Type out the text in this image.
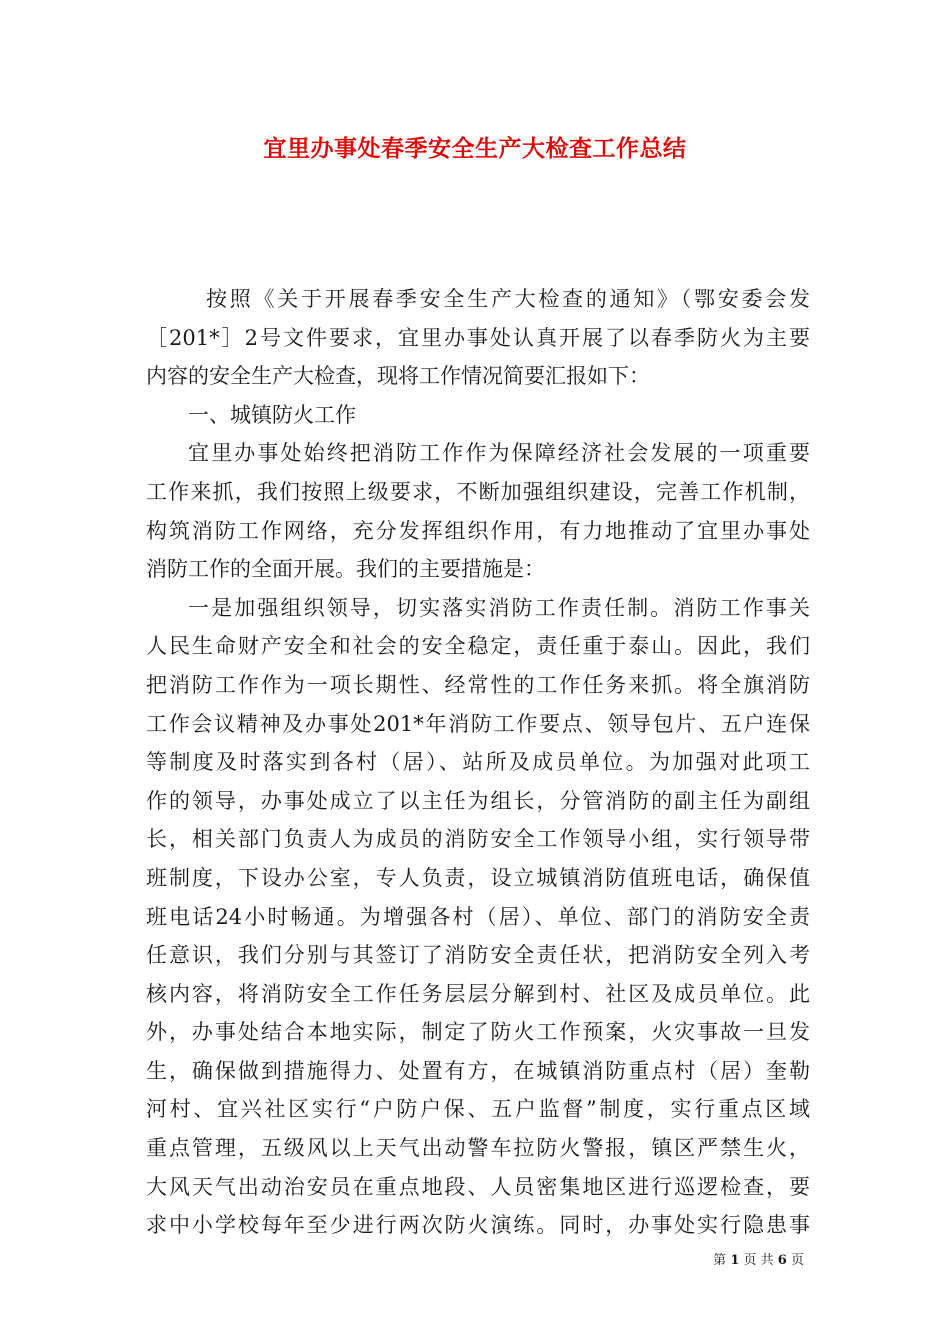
宜里办事处春季安全生产大检查工作总结
按照《关于开展春季安全生产大检查的通知》（鄂安委会发
［201*］2号文件要求，宜里办事处认真开展了以春季防火为主要
内容的安全生产大检查，现将工作情况简要汇报如下：
一、城镇防火工作
宜里办事处始终把消防工作作为保障经济社会发展的一项重要
工作来抓，我们按照上级要求，不断加强组织建设，完善工作机制，
构筑消防工作网络，充分发挥组织作用，有力地推动了宜里办事处
消防工作的全面开展。我们的主要措施是：
一是加强组织领导，切实落实消防工作责任制。消防工作事关
人民生命财产安全和社会的安全稳定，责任重于泰山。因此，我们
把消防工作作为一项长期性、经常性的工作任务来抓。将全旗消防
工作会议精神及办事处201*年消防工作要点、领导包片、五户连保
等制度及时落实到各村（居）、站所及成员单位。为加强对此项工
作的领导，办事处成立了以主任为组长，分管消防的副主任为副组
长，相关部门负责人为成员的消防安全工作领导小组，实行领导带
班制度，下设办公室，专人负责，设立城镇消防值班电话，确保值
班电话24小时畅通。为增强各村（居）、单位、部门的消防安全责
任意识，我们分别与其签订了消防安全责任状，把消防安全列入考
核内容，将消防安全工作任务层层分解到村、社区及成员单位。此
外，办事处结合本地实际，制定了防火工作预案，火灾事故一旦发
生，确保做到措施得力、处置有方，在城镇消防重点村（居）奎勒
河村、宜兴社区实行“户防户保、五户监督”制度，实行重点区域
重点管理，五级风以上天气出动警车拉防火警报，镇区严禁生火，
大风天气出动治安员在重点地段、人员密集地区进行巡逻检查，要
求中小学校每年至少进行两次防火演练。同时，办事处实行隐患事
第 1 页 共 6 页
